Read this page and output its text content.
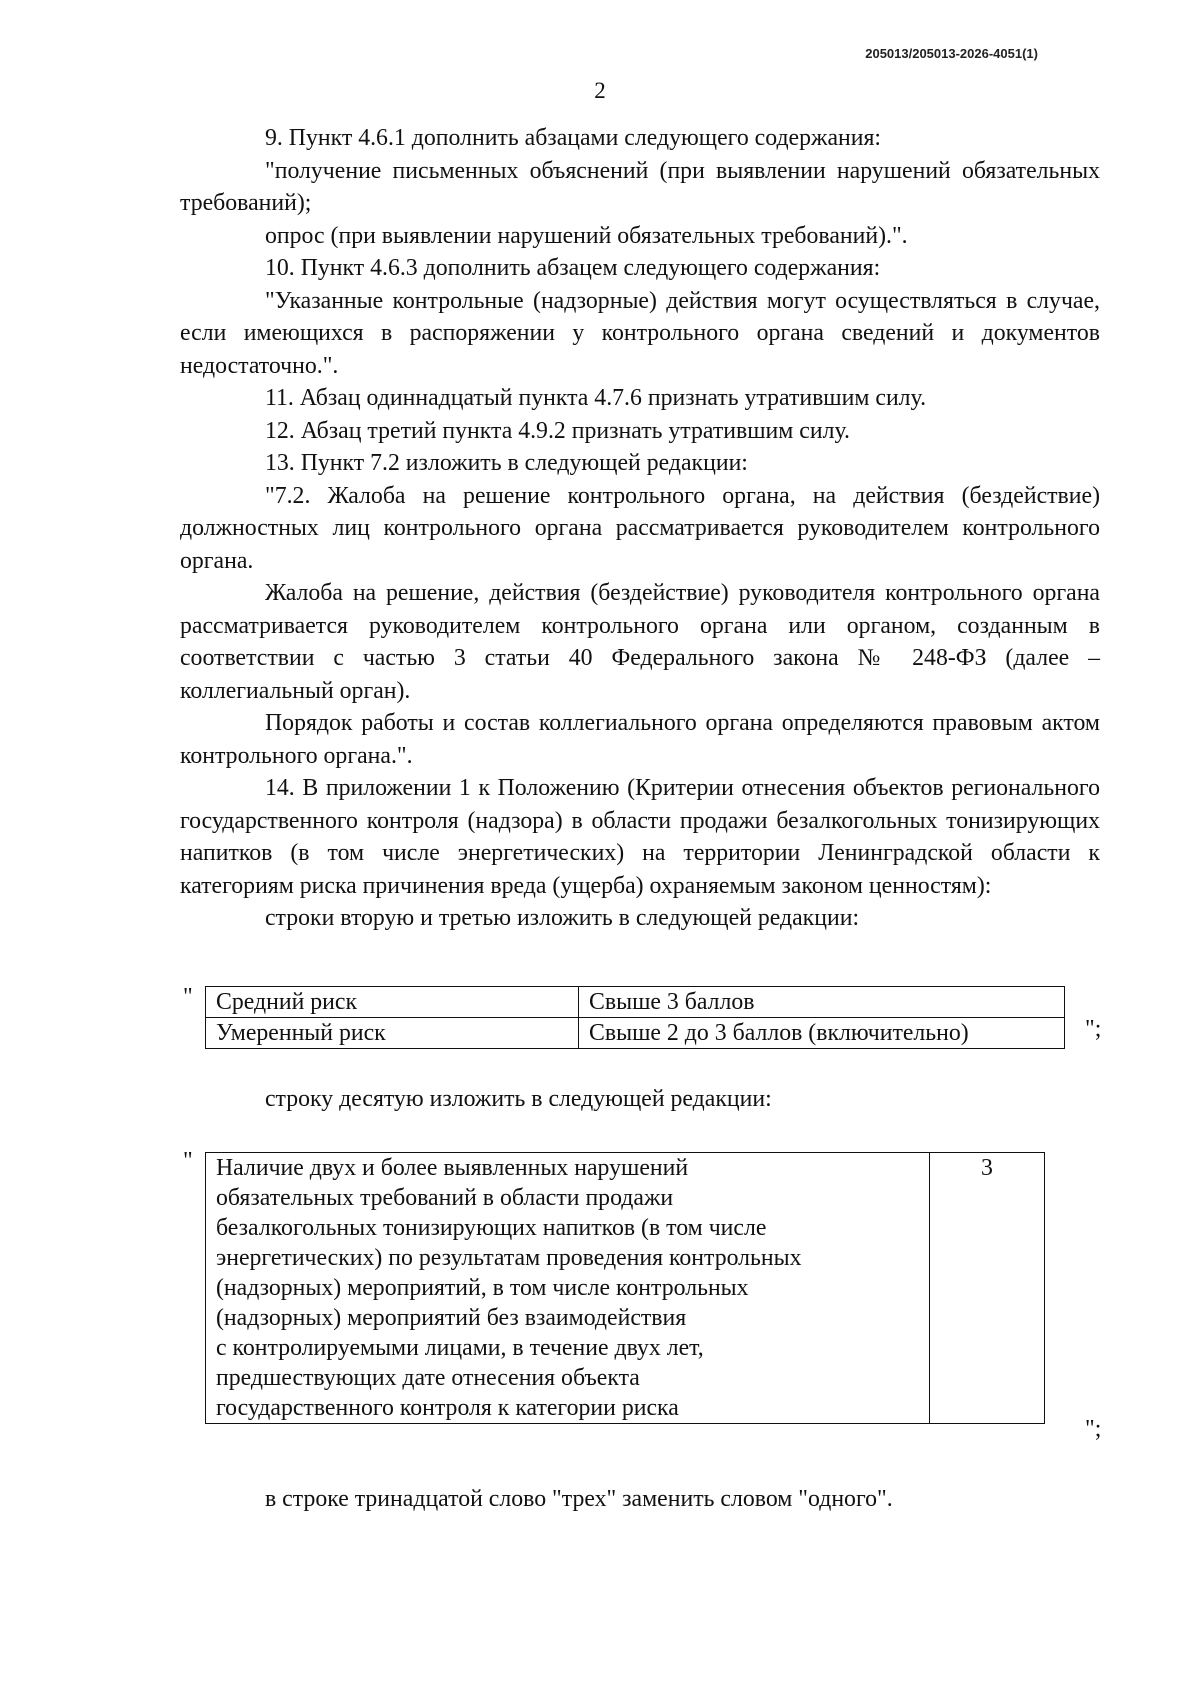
205013/205013-2026-4051(1)
2

9. Пункт 4.6.1 дополнить абзацами следующего содержания:

"получение письменных объяснений (при выявлении нарушений обязательных требований);

опрос (при выявлении нарушений обязательных требований).".

10. Пункт 4.6.3 дополнить абзацем следующего содержания:

"Указанные контрольные (надзорные) действия могут осуществляться в случае, если имеющихся в распоряжении у контрольного органа сведений и документов недостаточно.".

11. Абзац одиннадцатый пункта 4.7.6 признать утратившим силу.

12. Абзац третий пункта 4.9.2 признать утратившим силу.

13. Пункт 7.2 изложить в следующей редакции:

"7.2. Жалоба на решение контрольного органа, на действия (бездействие) должностных лиц контрольного органа рассматривается руководителем контрольного органа.

Жалоба на решение, действия (бездействие) руководителя контрольного органа рассматривается руководителем контрольного органа или органом, созданным в соответствии с частью 3 статьи 40 Федерального закона № 248-ФЗ (далее – коллегиальный орган).

Порядок работы и состав коллегиального органа определяются правовым актом контрольного органа.".

14. В приложении 1 к Положению (Критерии отнесения объектов регионального государственного контроля (надзора) в области продажи безалкогольных тонизирующих напитков (в том числе энергетических) на территории Ленинградской области к категориям риска причинения вреда (ущерба) охраняемым законом ценностям):

строки вторую и третью изложить в следующей редакции:

" Средний риск	Свыше 3 баллов
Умеренный риск	Свыше 2 до 3 баллов (включительно)	";
строку десятую изложить в следующей редакции:
" Наличие двух и более выявленных нарушений
обязательных требований в области продажи
безалкогольных тонизирующих напитков (в том числе
энергетических) по результатам проведения контрольных
(надзорных) мероприятий, в том числе контрольных
(надзорных) мероприятий без взаимодействия
с контролируемыми лицами, в течение двух лет,
предшествующих дате отнесения объекта
государственного контроля к категории риска
	3
";
в строке тринадцатой слово "трех" заменить словом "одного".
